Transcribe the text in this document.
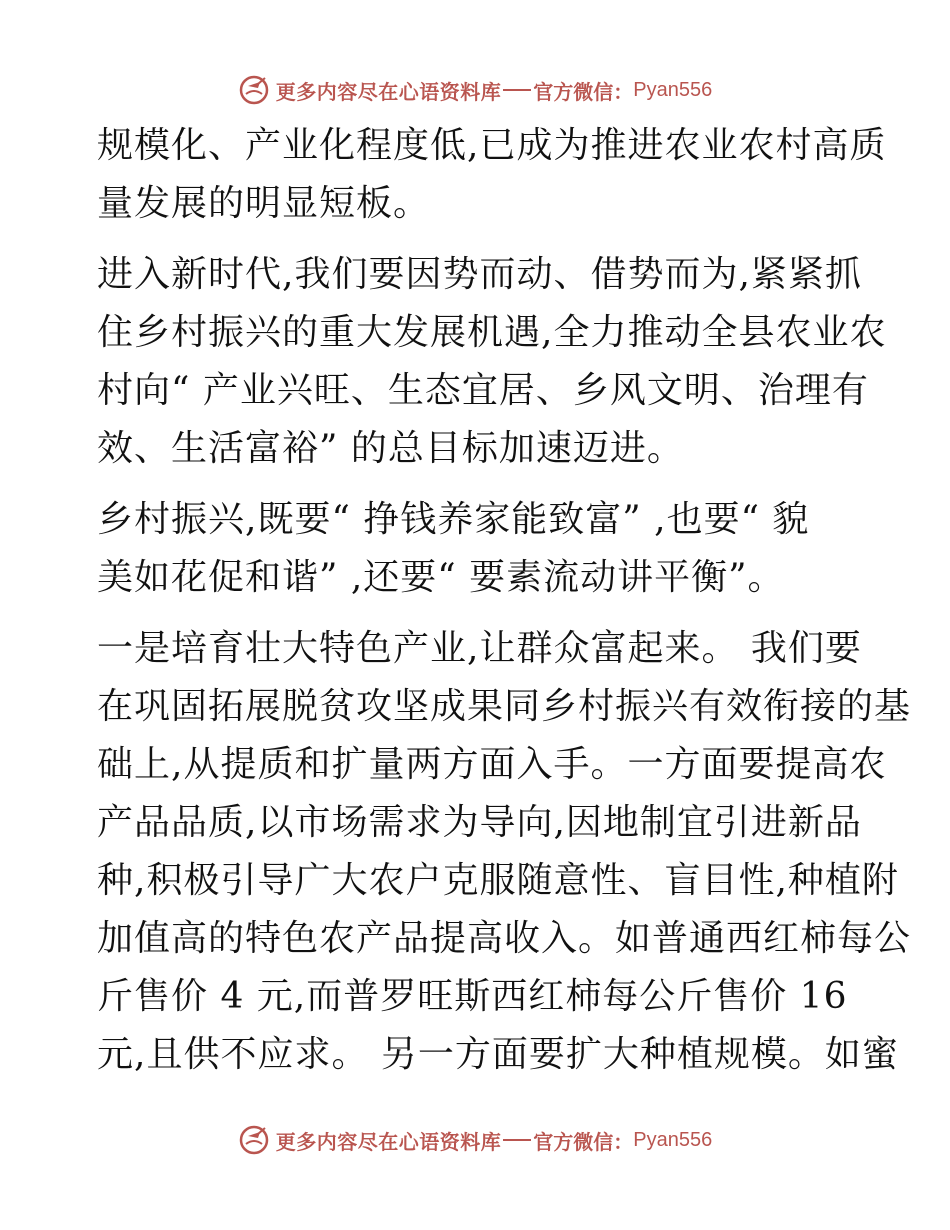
更多内容尽在心语资料库 官方微信： Pyan556
规模化、产业化程度低,已成为推进农业农村高质
量发展的明显短板。
进入新时代,我们要因势而动、借势而为,紧紧抓
住乡村振兴的重大发展机遇,全力推动全县农业农
村向“ 产业兴旺、生态宜居、乡风文明、治理有
效、生活富裕” 的总目标加速迈进。
乡村振兴,既要“ 挣钱养家能致富” ,也要“ 貌
美如花促和谐” ,还要“ 要素流动讲平衡”。
一是培育壮大特色产业,让群众富起来。 我们要
在巩固拓展脱贫攻坚成果同乡村振兴有效衔接的基
础上,从提质和扩量两方面入手。一方面要提高农
产品品质,以市场需求为导向,因地制宜引进新品
种,积极引导广大农户克服随意性、盲目性,种植附
加值高的特色农产品提高收入。如普通西红柿每公
斤售价 4 元,而普罗旺斯西红柿每公斤售价 16
元,且供不应求。 另一方面要扩大种植规模。如蜜
更多内容尽在心语资料库 官方微信： Pyan556
